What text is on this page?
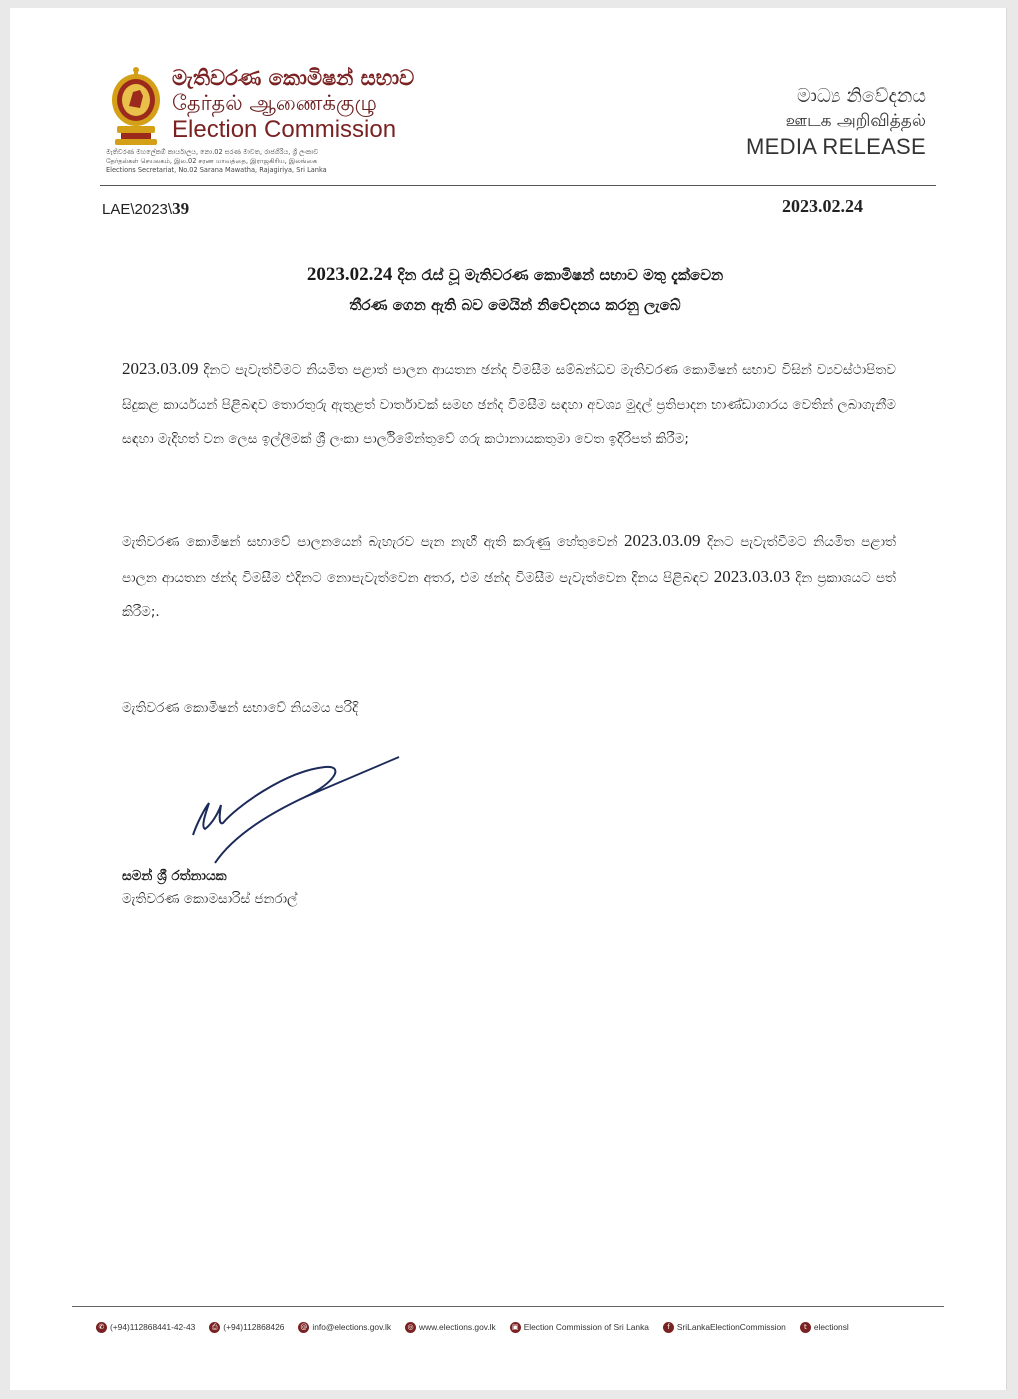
මැතිවරණ කොමිෂන් සභාව
தேர்தல் ஆணைக்குழு
Election Commission
මැතිවරණ මහලේකම් කාර්යාලය, නො.02 සරණ මාවත, රාජගිරිය, ශ්‍රී ලංකාව
தேர்தல்கள் செயலகம், இல.02 சரண மாவத்தை, இராஜகிரிய, இலங்கை
Elections Secretariat, No.02 Sarana Mawatha, Rajagiriya, Sri Lanka
මාධ්‍ය නිවේදනය
ஊடக அறிவித்தல்
MEDIA RELEASE
LAE\2023\39	2023.02.24
2023.02.24 දින රැස් වූ මැතිවරණ කොමිෂන් සභාව මතු දැක්වෙන
තීරණ ගෙන ඇති බව මෙයින් නිවේදනය කරනු ලැබේ
2023.03.09 දිනට පැවැත්වීමට නියමිත පළාත් පාලන ආයතන ඡන්ද විමසීම සම්බන්ධව මැතිවරණ කොමිෂන් සභාව විසින් ව්‍යවස්ථාපිතව සිදුකළ කාර්යයන් පිළිබඳව තොරතුරු ඇතුළත් වාර්තාවක් සමඟ ඡන්ද විමසීම සඳහා අවශ්‍ය මුදල් ප්‍රතිපාදන භාණ්ඩාගාරය වෙතින් ලබාගැනීම සඳහා මැදිහත් වන ලෙස ඉල්ලීමක් ශ්‍රී ලංකා පාර්ලිමේන්තුවේ ගරු කථානායකතුමා වෙත ඉදිරිපත් කිරීම;
මැතිවරණ කොමිෂන් සභාවේ පාලනයෙන් බැහැරව පැන නැඟී ඇති කරුණු හේතුවෙන් 2023.03.09 දිනට පැවැත්වීමට නියමිත පළාත් පාලන ආයතන ඡන්ද විමසීම එදිනට නොපැවැත්වෙන අතර, එම ඡන්ද විමසීම පැවැත්වෙන දිනය පිළිබඳව 2023.03.03 දින ප්‍රකාශයට පත් කිරීම;.
මැතිවරණ කොමිෂන් සභාවේ නියමය පරිදි
සමන් ශ්‍රී රත්නායක
මැතිවරණ කොමසාරිස් ජනරාල්
✆ (+94)112868441-42-43	⎙ (+94)112868426 @ info@elections.gov.lk	◎ www.elections.gov.lk	▣ Election Commission of Sri Lanka	f SriLankaElectionCommission	t electionsl
